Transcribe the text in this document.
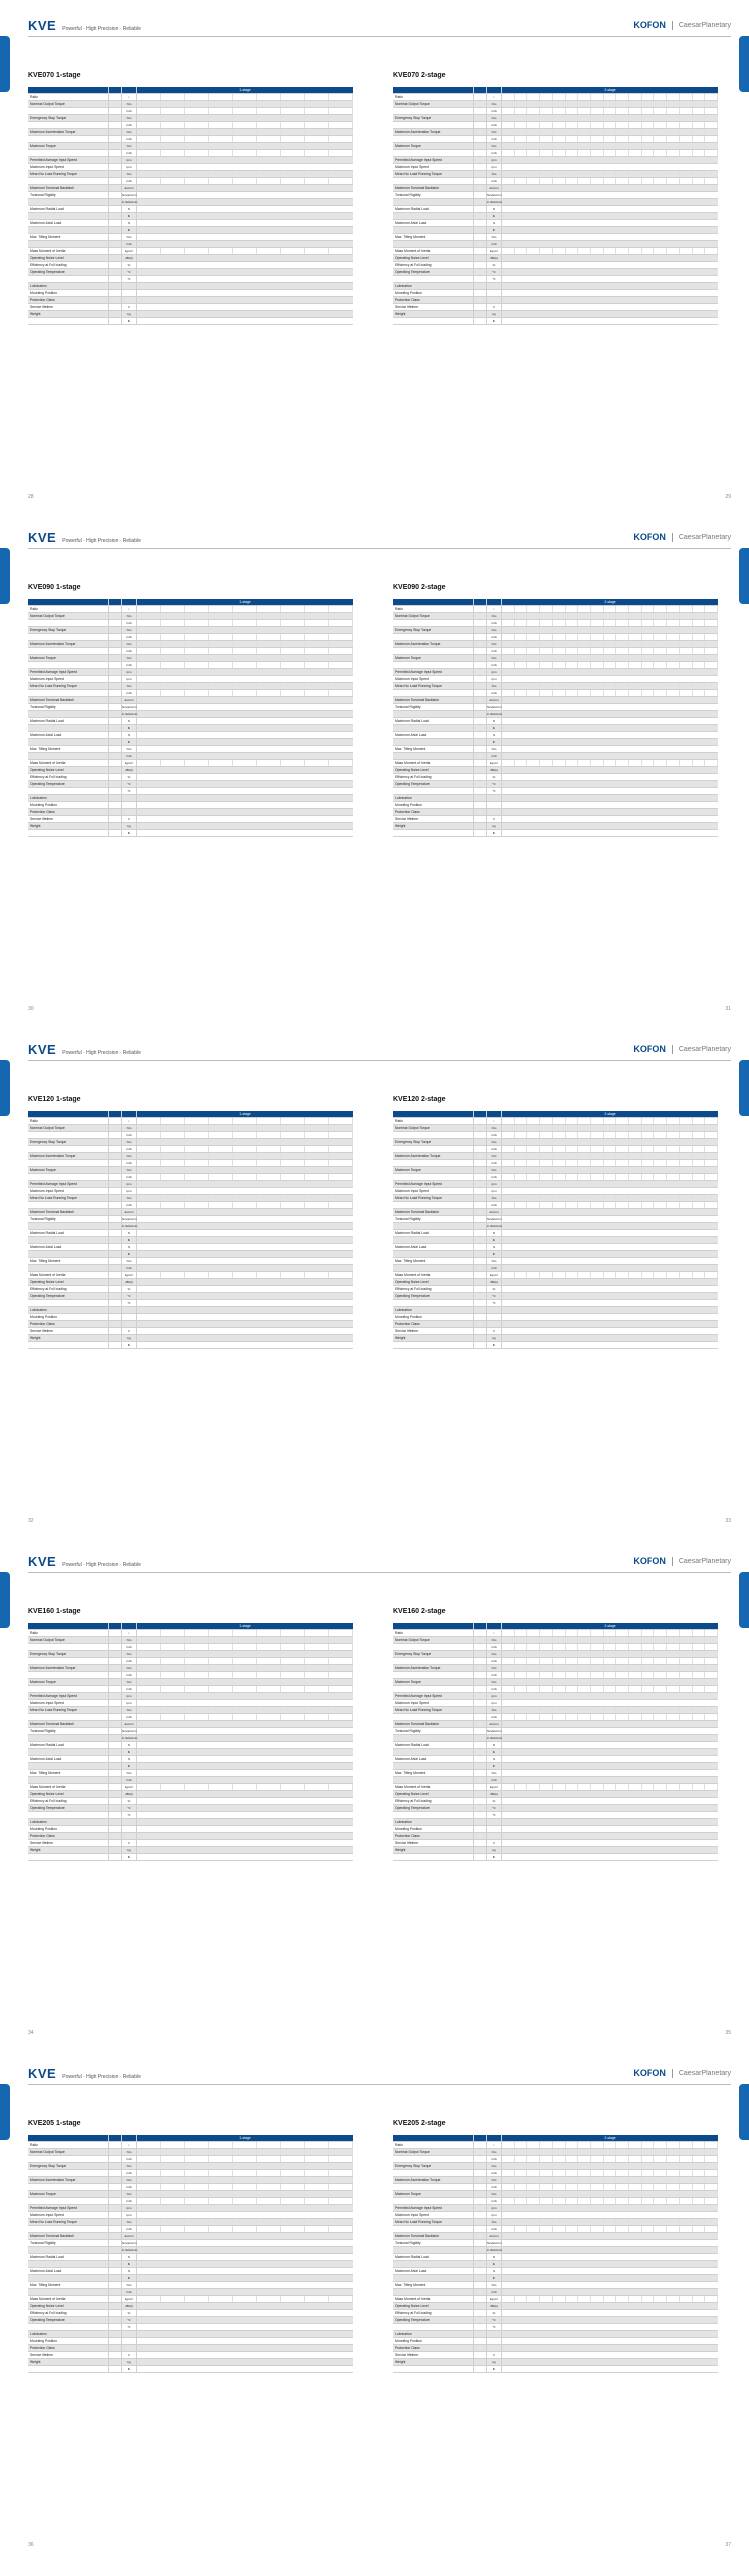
KVE Powerful · High Precision · Reliable	KOFON CaesarPlanetary
KVE070 1-stage
1-stage
Ratio	i
Nominal Output Torque	Nm
in.lb
Emergency Stop Torque	Nm
in.lb
Maximum Acceleration Torque	Nm
in.lb
Maximum Torque	Nm
in.lb
Permitted Average Input Speed	rpm
Maximum Input Speed	rpm
Mean No Load Running Torque	Nm
in.lb
Maximum Torsional Backlash	arcmin
Torsional Rigidity	Nm/arcmin
in.lb/arcmin
Maximum Radial Load	N
lb
Maximum Axial Load	N
lb
Max. Tilting Moment	Nm
in.lb
Mass Moment of Inertia	kgcm²
Operating Noise Level	dB(A)
Efficiency at Full loading	%
Operating Temperature	°C
°F
Lubrication
Mounting Position
Protection Class
Service lifetime	h
Weight	kg
lb
KVE070 2-stage
2-stage
Ratio	i
Nominal Output Torque	Nm
in.lb
Emergency Stop Torque	Nm
in.lb
Maximum Acceleration Torque	Nm
in.lb
Maximum Torque	Nm
in.lb
Permitted Average Input Speed	rpm
Maximum Input Speed	rpm
Mean No Load Running Torque	Nm
in.lb
Maximum Torsional Backlash	arcmin
Torsional Rigidity	Nm/arcmin
in.lb/arcmin
Maximum Radial Load	N
lb
Maximum Axial Load	N
lb
Max. Tilting Moment	Nm
in.lb
Mass Moment of Inertia	kgcm²
Operating Noise Level	dB(A)
Efficiency at Full loading	%
Operating Temperature	°C
°F
Lubrication
Mounting Position
Protection Class
Service lifetime	h
Weight	kg
lb
28	29
KVE Powerful · High Precision · Reliable	KOFON CaesarPlanetary
KVE090 1-stage
1-stage
Ratio	i
Nominal Output Torque	Nm
in.lb
Emergency Stop Torque	Nm
in.lb
Maximum Acceleration Torque	Nm
in.lb
Maximum Torque	Nm
in.lb
Permitted Average Input Speed	rpm
Maximum Input Speed	rpm
Mean No Load Running Torque	Nm
in.lb
Maximum Torsional Backlash	arcmin
Torsional Rigidity	Nm/arcmin
in.lb/arcmin
Maximum Radial Load	N
lb
Maximum Axial Load	N
lb
Max. Tilting Moment	Nm
in.lb
Mass Moment of Inertia	kgcm²
Operating Noise Level	dB(A)
Efficiency at Full loading	%
Operating Temperature	°C
°F
Lubrication
Mounting Position
Protection Class
Service lifetime	h
Weight	kg
lb
KVE090 2-stage
2-stage
Ratio	i
Nominal Output Torque	Nm
in.lb
Emergency Stop Torque	Nm
in.lb
Maximum Acceleration Torque	Nm
in.lb
Maximum Torque	Nm
in.lb
Permitted Average Input Speed	rpm
Maximum Input Speed	rpm
Mean No Load Running Torque	Nm
in.lb
Maximum Torsional Backlash	arcmin
Torsional Rigidity	Nm/arcmin
in.lb/arcmin
Maximum Radial Load	N
lb
Maximum Axial Load	N
lb
Max. Tilting Moment	Nm
in.lb
Mass Moment of Inertia	kgcm²
Operating Noise Level	dB(A)
Efficiency at Full loading	%
Operating Temperature	°C
°F
Lubrication
Mounting Position
Protection Class
Service lifetime	h
Weight	kg
lb
30	31
KVE Powerful · High Precision · Reliable	KOFON CaesarPlanetary
KVE120 1-stage
1-stage
Ratio	i
Nominal Output Torque	Nm
in.lb
Emergency Stop Torque	Nm
in.lb
Maximum Acceleration Torque	Nm
in.lb
Maximum Torque	Nm
in.lb
Permitted Average Input Speed	rpm
Maximum Input Speed	rpm
Mean No Load Running Torque	Nm
in.lb
Maximum Torsional Backlash	arcmin
Torsional Rigidity	Nm/arcmin
in.lb/arcmin
Maximum Radial Load	N
lb
Maximum Axial Load	N
lb
Max. Tilting Moment	Nm
in.lb
Mass Moment of Inertia	kgcm²
Operating Noise Level	dB(A)
Efficiency at Full loading	%
Operating Temperature	°C
°F
Lubrication
Mounting Position
Protection Class
Service lifetime	h
Weight	kg
lb
KVE120 2-stage
2-stage
Ratio	i
Nominal Output Torque	Nm
in.lb
Emergency Stop Torque	Nm
in.lb
Maximum Acceleration Torque	Nm
in.lb
Maximum Torque	Nm
in.lb
Permitted Average Input Speed	rpm
Maximum Input Speed	rpm
Mean No Load Running Torque	Nm
in.lb
Maximum Torsional Backlash	arcmin
Torsional Rigidity	Nm/arcmin
in.lb/arcmin
Maximum Radial Load	N
lb
Maximum Axial Load	N
lb
Max. Tilting Moment	Nm
in.lb
Mass Moment of Inertia	kgcm²
Operating Noise Level	dB(A)
Efficiency at Full loading	%
Operating Temperature	°C
°F
Lubrication
Mounting Position
Protection Class
Service lifetime	h
Weight	kg
lb
32	33
KVE Powerful · High Precision · Reliable	KOFON CaesarPlanetary
KVE160 1-stage
1-stage
Ratio	i
Nominal Output Torque	Nm
in.lb
Emergency Stop Torque	Nm
in.lb
Maximum Acceleration Torque	Nm
in.lb
Maximum Torque	Nm
in.lb
Permitted Average Input Speed	rpm
Maximum Input Speed	rpm
Mean No Load Running Torque	Nm
in.lb
Maximum Torsional Backlash	arcmin
Torsional Rigidity	Nm/arcmin
in.lb/arcmin
Maximum Radial Load	N
lb
Maximum Axial Load	N
lb
Max. Tilting Moment	Nm
in.lb
Mass Moment of Inertia	kgcm²
Operating Noise Level	dB(A)
Efficiency at Full loading	%
Operating Temperature	°C
°F
Lubrication
Mounting Position
Protection Class
Service lifetime	h
Weight	kg
lb
KVE160 2-stage
2-stage
Ratio	i
Nominal Output Torque	Nm
in.lb
Emergency Stop Torque	Nm
in.lb
Maximum Acceleration Torque	Nm
in.lb
Maximum Torque	Nm
in.lb
Permitted Average Input Speed	rpm
Maximum Input Speed	rpm
Mean No Load Running Torque	Nm
in.lb
Maximum Torsional Backlash	arcmin
Torsional Rigidity	Nm/arcmin
in.lb/arcmin
Maximum Radial Load	N
lb
Maximum Axial Load	N
lb
Max. Tilting Moment	Nm
in.lb
Mass Moment of Inertia	kgcm²
Operating Noise Level	dB(A)
Efficiency at Full loading	%
Operating Temperature	°C
°F
Lubrication
Mounting Position
Protection Class
Service lifetime	h
Weight	kg
lb
34	35
KVE Powerful · High Precision · Reliable	KOFON CaesarPlanetary
KVE205 1-stage
1-stage
Ratio	i
Nominal Output Torque	Nm
in.lb
Emergency Stop Torque	Nm
in.lb
Maximum Acceleration Torque	Nm
in.lb
Maximum Torque	Nm
in.lb
Permitted Average Input Speed	rpm
Maximum Input Speed	rpm
Mean No Load Running Torque	Nm
in.lb
Maximum Torsional Backlash	arcmin
Torsional Rigidity	Nm/arcmin
in.lb/arcmin
Maximum Radial Load	N
lb
Maximum Axial Load	N
lb
Max. Tilting Moment	Nm
in.lb
Mass Moment of Inertia	kgcm²
Operating Noise Level	dB(A)
Efficiency at Full loading	%
Operating Temperature	°C
°F
Lubrication
Mounting Position
Protection Class
Service lifetime	h
Weight	kg
lb
KVE205 2-stage
2-stage
Ratio	i
Nominal Output Torque	Nm
in.lb
Emergency Stop Torque	Nm
in.lb
Maximum Acceleration Torque	Nm
in.lb
Maximum Torque	Nm
in.lb
Permitted Average Input Speed	rpm
Maximum Input Speed	rpm
Mean No Load Running Torque	Nm
in.lb
Maximum Torsional Backlash	arcmin
Torsional Rigidity	Nm/arcmin
in.lb/arcmin
Maximum Radial Load	N
lb
Maximum Axial Load	N
lb
Max. Tilting Moment	Nm
in.lb
Mass Moment of Inertia	kgcm²
Operating Noise Level	dB(A)
Efficiency at Full loading	%
Operating Temperature	°C
°F
Lubrication
Mounting Position
Protection Class
Service lifetime	h
Weight	kg
lb
36	37
